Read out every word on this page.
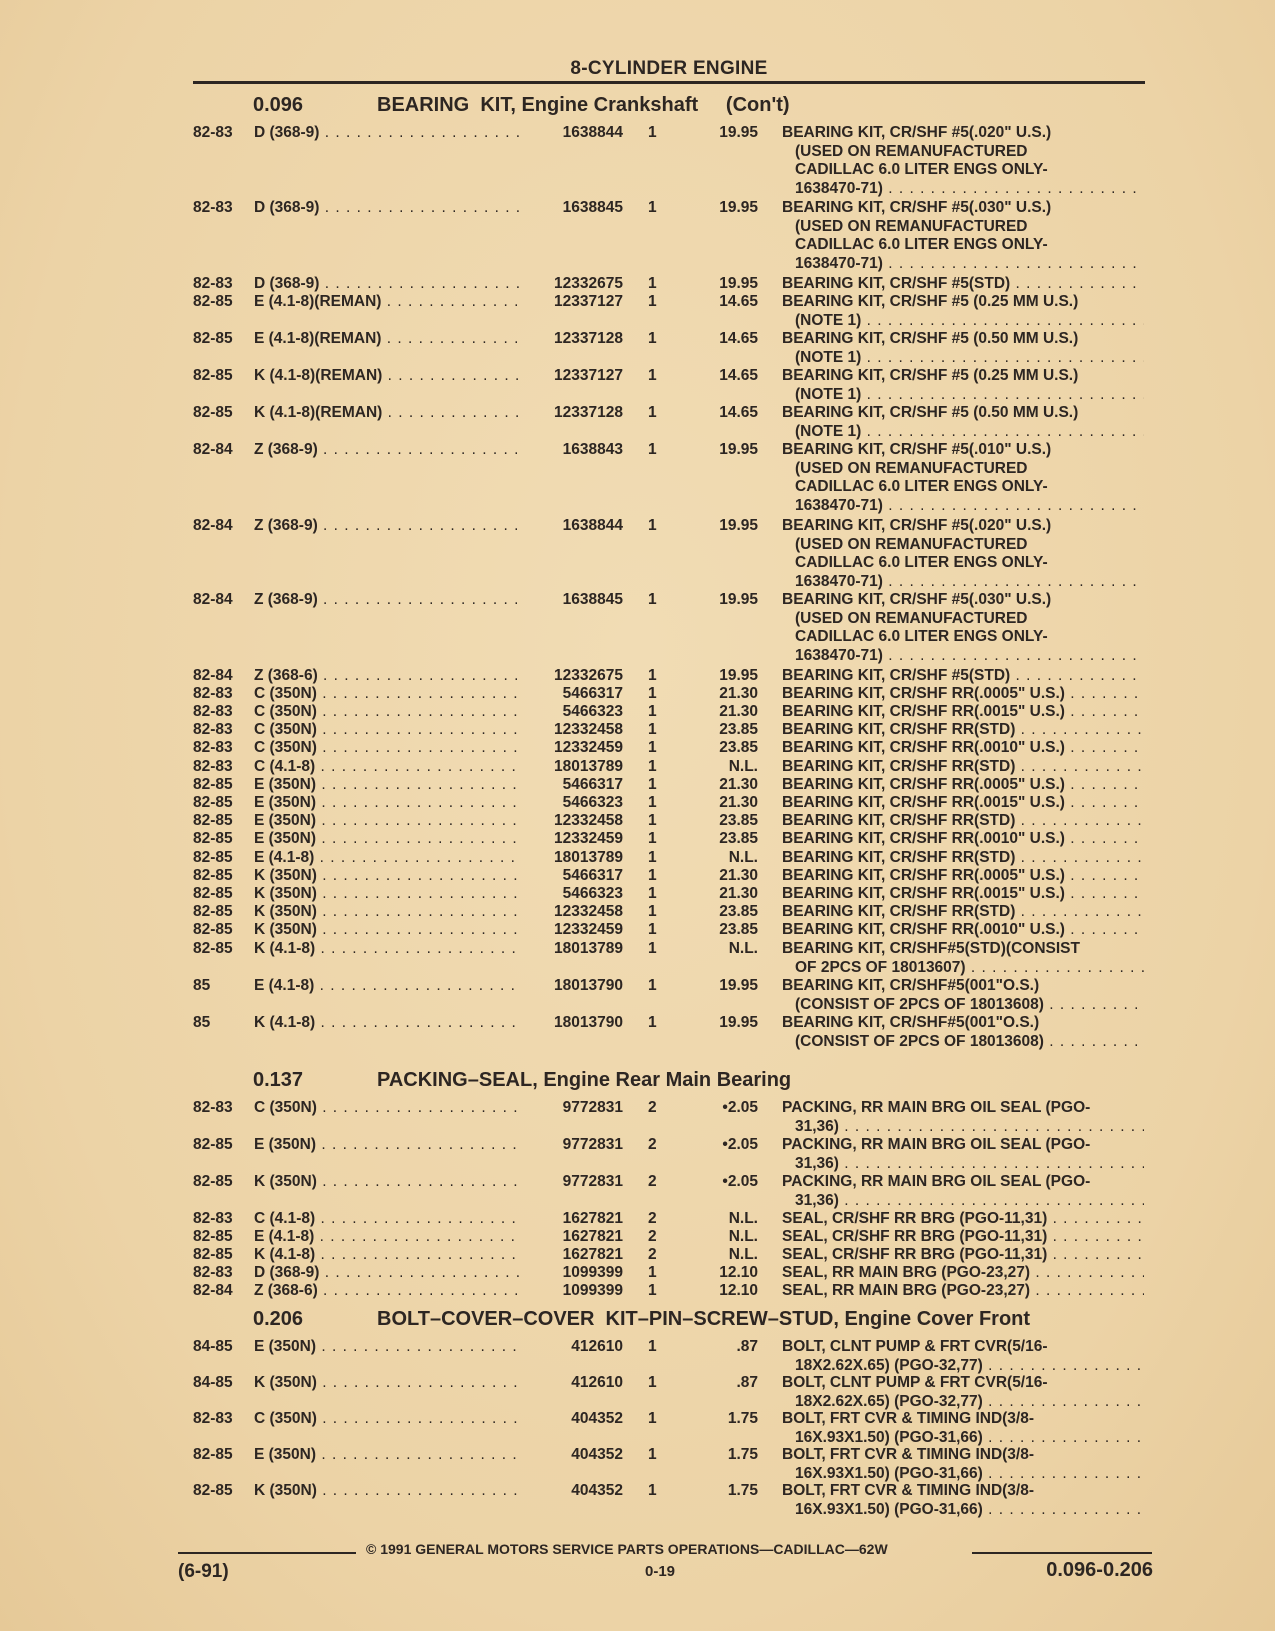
8-CYLINDER ENGINE
0.096	BEARING  KIT, Engine Crankshaft     (Con't)
82-83	D (368-9) . . .	1638844 1	19.95 BEARING KIT, CR/SHF #5(.020" U.S.)
(USED ON REMANUFACTURED
CADILLAC 6.0 LITER ENGS ONLY-
1638470-71) . . .
82-83	D (368-9) . . .	1638845 1	19.95 BEARING KIT, CR/SHF #5(.030" U.S.)
(USED ON REMANUFACTURED
CADILLAC 6.0 LITER ENGS ONLY-
1638470-71) . . .
82-83	D (368-9) . . .	12332675 1	19.95 BEARING KIT, CR/SHF #5(STD) . . .
82-85	E (4.1-8)(REMAN) . . .	12337127 1	14.65 BEARING KIT, CR/SHF #5 (0.25 MM U.S.)
(NOTE 1) . . .
82-85	E (4.1-8)(REMAN) . . .	12337128 1	14.65 BEARING KIT, CR/SHF #5 (0.50 MM U.S.)
(NOTE 1) . . .
82-85	K (4.1-8)(REMAN) . . .	12337127 1	14.65 BEARING KIT, CR/SHF #5 (0.25 MM U.S.)
(NOTE 1) . . .
82-85	K (4.1-8)(REMAN) . . .	12337128 1	14.65 BEARING KIT, CR/SHF #5 (0.50 MM U.S.)
(NOTE 1) . . .
82-84	Z (368-9) . . .	1638843 1	19.95 BEARING KIT, CR/SHF #5(.010" U.S.)
(USED ON REMANUFACTURED
CADILLAC 6.0 LITER ENGS ONLY-
1638470-71) . . .
82-84	Z (368-9) . . .	1638844 1	19.95 BEARING KIT, CR/SHF #5(.020" U.S.)
(USED ON REMANUFACTURED
CADILLAC 6.0 LITER ENGS ONLY-
1638470-71) . . .
82-84	Z (368-9) . . .	1638845 1	19.95 BEARING KIT, CR/SHF #5(.030" U.S.)
(USED ON REMANUFACTURED
CADILLAC 6.0 LITER ENGS ONLY-
1638470-71) . . .
82-84	Z (368-6) . . .	12332675 1	19.95 BEARING KIT, CR/SHF #5(STD) . . .
82-83	C (350N) . . .	5466317 1	21.30 BEARING KIT, CR/SHF RR(.0005" U.S.) . . .
82-83	C (350N) . . .	5466323 1	21.30 BEARING KIT, CR/SHF RR(.0015" U.S.) . . .
82-83	C (350N) . . .	12332458 1	23.85 BEARING KIT, CR/SHF RR(STD) . . .
82-83	C (350N) . . .	12332459 1	23.85 BEARING KIT, CR/SHF RR(.0010" U.S.) . . .
82-83	C (4.1-8) . . .	18013789 1	N.L. BEARING KIT, CR/SHF RR(STD) . . .
82-85	E (350N) . . .	5466317 1	21.30 BEARING KIT, CR/SHF RR(.0005" U.S.) . . .
82-85	E (350N) . . .	5466323 1	21.30 BEARING KIT, CR/SHF RR(.0015" U.S.) . . .
82-85	E (350N) . . .	12332458 1	23.85 BEARING KIT, CR/SHF RR(STD) . . .
82-85	E (350N) . . .	12332459 1	23.85 BEARING KIT, CR/SHF RR(.0010" U.S.) . . .
82-85	E (4.1-8) . . .	18013789 1	N.L. BEARING KIT, CR/SHF RR(STD) . . .
82-85	K (350N) . . .	5466317 1	21.30 BEARING KIT, CR/SHF RR(.0005" U.S.) . . .
82-85	K (350N) . . .	5466323 1	21.30 BEARING KIT, CR/SHF RR(.0015" U.S.) . . .
82-85	K (350N) . . .	12332458 1	23.85 BEARING KIT, CR/SHF RR(STD) . . .
82-85	K (350N) . . .	12332459 1	23.85 BEARING KIT, CR/SHF RR(.0010" U.S.) . . .
82-85	K (4.1-8) . . .	18013789 1	N.L. BEARING KIT, CR/SHF#5(STD)(CONSIST
OF 2PCS OF 18013607) . . .
85	E (4.1-8) . . .	18013790 1	19.95 BEARING KIT, CR/SHF#5(001"O.S.)
(CONSIST OF 2PCS OF 18013608) . . .
85	K (4.1-8) . . .	18013790 1	19.95 BEARING KIT, CR/SHF#5(001"O.S.)
(CONSIST OF 2PCS OF 18013608) . . .
0.137	PACKING–SEAL, Engine Rear Main Bearing
82-83	C (350N) . . .	9772831 2	•2.05 PACKING, RR MAIN BRG OIL SEAL (PGO-
31,36) . . .
82-85	E (350N) . . .	9772831 2	•2.05 PACKING, RR MAIN BRG OIL SEAL (PGO-
31,36) . . .
82-85	K (350N) . . .	9772831 2	•2.05 PACKING, RR MAIN BRG OIL SEAL (PGO-
31,36) . . .
82-83	C (4.1-8) . . .	1627821 2	N.L. SEAL, CR/SHF RR BRG (PGO-11,31) . . .
82-85	E (4.1-8) . . .	1627821 2	N.L. SEAL, CR/SHF RR BRG (PGO-11,31) . . .
82-85	K (4.1-8) . . .	1627821 2	N.L. SEAL, CR/SHF RR BRG (PGO-11,31) . . .
82-83	D (368-9) . . .	1099399 1	12.10 SEAL, RR MAIN BRG (PGO-23,27) . . .
82-84	Z (368-6) . . .	1099399 1	12.10 SEAL, RR MAIN BRG (PGO-23,27) . . .
0.206	BOLT–COVER–COVER  KIT–PIN–SCREW–STUD, Engine Cover Front
84-85	E (350N) . . .	412610 1	.87 BOLT, CLNT PUMP & FRT CVR(5/16-
18X2.62X.65) (PGO-32,77) . . .
84-85	K (350N) . . .	412610 1	.87 BOLT, CLNT PUMP & FRT CVR(5/16-
18X2.62X.65) (PGO-32,77) . . .
82-83	C (350N) . . .	404352 1	1.75 BOLT, FRT CVR & TIMING IND(3/8-
16X.93X1.50) (PGO-31,66) . . .
82-85	E (350N) . . .	404352 1	1.75 BOLT, FRT CVR & TIMING IND(3/8-
16X.93X1.50) (PGO-31,66) . . .
82-85	K (350N) . . .	404352 1	1.75 BOLT, FRT CVR & TIMING IND(3/8-
16X.93X1.50) (PGO-31,66) . . .
© 1991 GENERAL MOTORS SERVICE PARTS OPERATIONS—CADILLAC—62W
(6-91)	0-19	0.096-0.206
